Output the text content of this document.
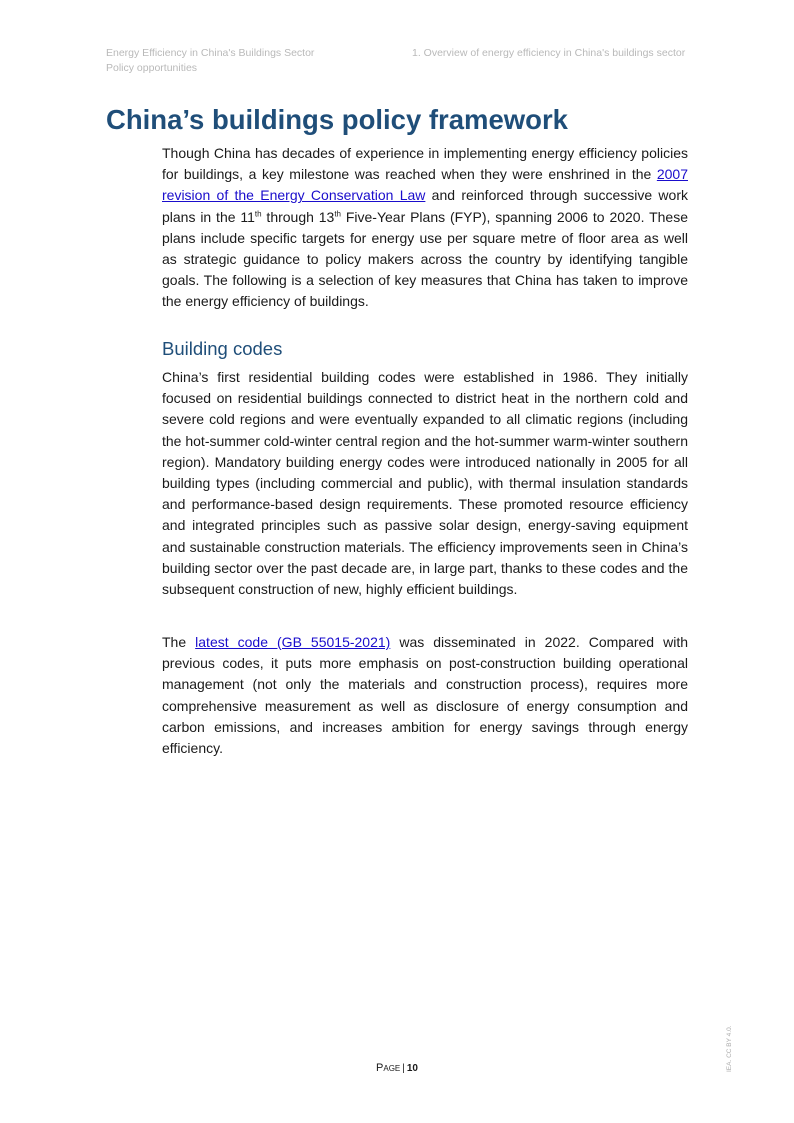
Energy Efficiency in China's Buildings Sector
Policy opportunities
1. Overview of energy efficiency in China's buildings sector
China’s buildings policy framework

Though China has decades of experience in implementing energy efficiency policies for buildings, a key milestone was reached when they were enshrined in the 2007 revision of the Energy Conservation Law and reinforced through successive work plans in the 11th through 13th Five-Year Plans (FYP), spanning 2006 to 2020. These plans include specific targets for energy use per square metre of floor area as well as strategic guidance to policy makers across the country by identifying tangible goals. The following is a selection of key measures that China has taken to improve the energy efficiency of buildings.

Building codes

China’s first residential building codes were established in 1986. They initially focused on residential buildings connected to district heat in the northern cold and severe cold regions and were eventually expanded to all climatic regions (including the hot-summer cold-winter central region and the hot-summer warm-winter southern region). Mandatory building energy codes were introduced nationally in 2005 for all building types (including commercial and public), with thermal insulation standards and performance-based design requirements. These promoted resource efficiency and integrated principles such as passive solar design, energy-saving equipment and sustainable construction materials. The efficiency improvements seen in China’s building sector over the past decade are, in large part, thanks to these codes and the subsequent construction of new, highly efficient buildings.

The latest code (GB 55015-2021) was disseminated in 2022. Compared with previous codes, it puts more emphasis on post-construction building operational management (not only the materials and construction process), requires more comprehensive measurement as well as disclosure of energy consumption and carbon emissions, and increases ambition for energy savings through energy efficiency.

Page | 10	IEA. CC BY 4.0.
